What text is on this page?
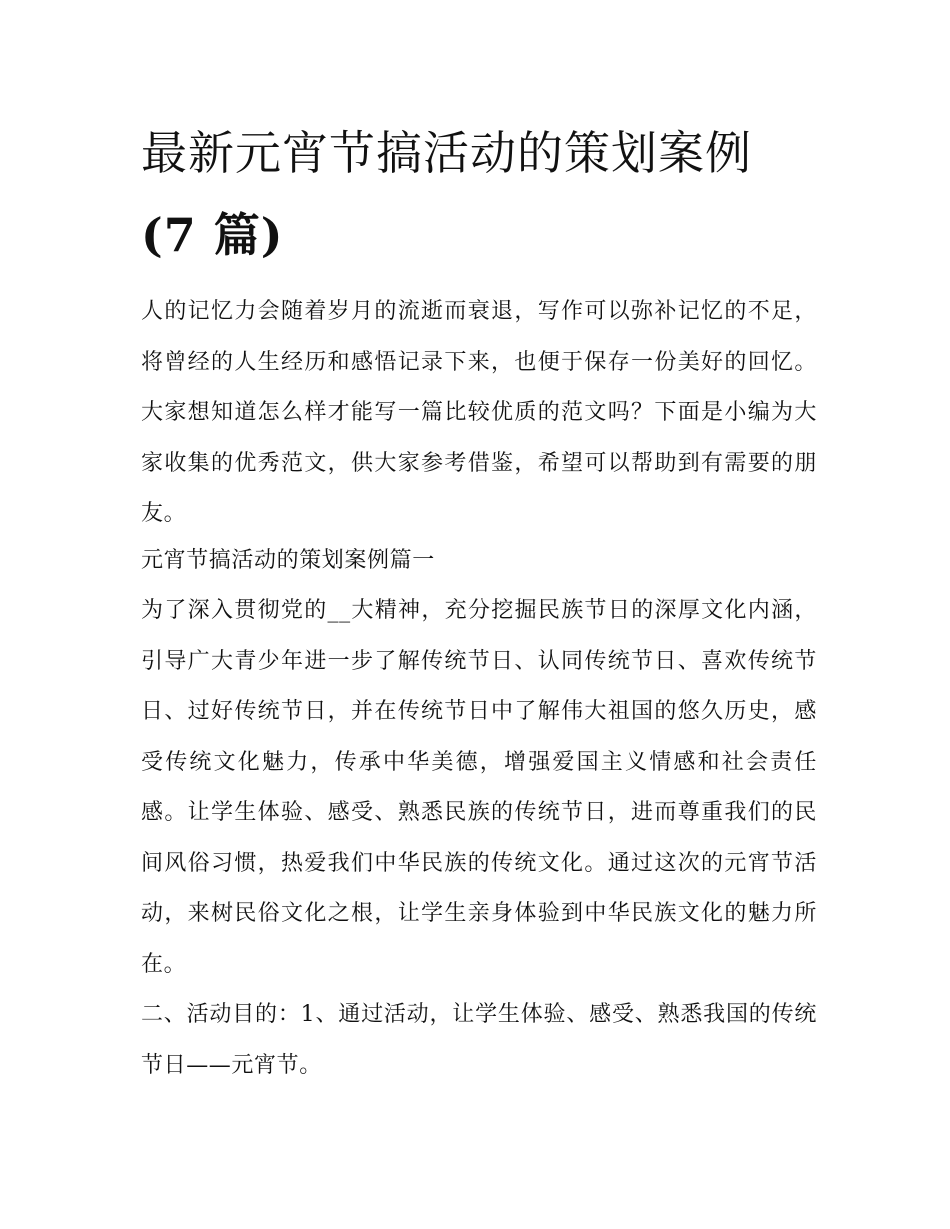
最新元宵节搞活动的策划案例
(7 篇)

人的记忆力会随着岁月的流逝而衰退，写作可以弥补记忆的不足，将曾经的人生经历和感悟记录下来，也便于保存一份美好的回忆。大家想知道怎么样才能写一篇比较优质的范文吗？下面是小编为大家收集的优秀范文，供大家参考借鉴，希望可以帮助到有需要的朋友。

元宵节搞活动的策划案例篇一

为了深入贯彻党的__大精神，充分挖掘民族节日的深厚文化内涵，引导广大青少年进一步了解传统节日、认同传统节日、喜欢传统节日、过好传统节日，并在传统节日中了解伟大祖国的悠久历史，感受传统文化魅力，传承中华美德，增强爱国主义情感和社会责任感。让学生体验、感受、熟悉民族的传统节日，进而尊重我们的民间风俗习惯，热爱我们中华民族的传统文化。通过这次的元宵节活动，来树民俗文化之根，让学生亲身体验到中华民族文化的魅力所在。

二、活动目的：1、通过活动，让学生体验、感受、熟悉我国的传统节日——元宵节。
